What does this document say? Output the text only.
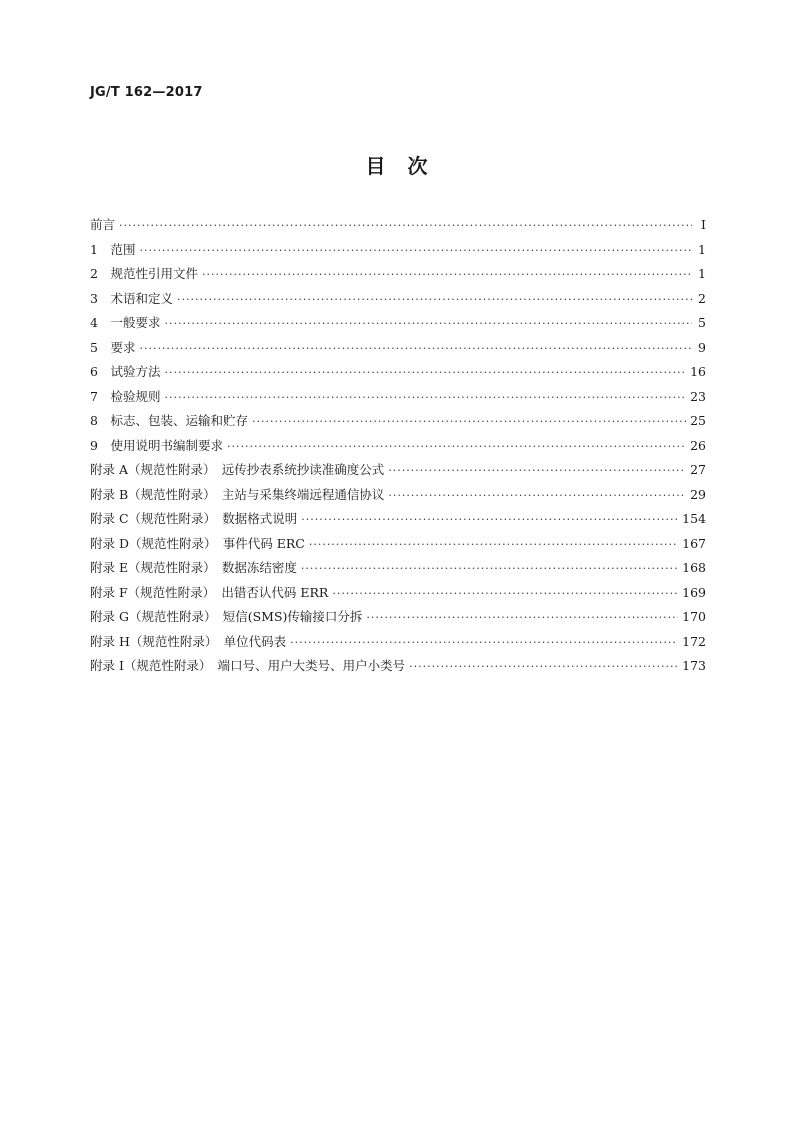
JG/T 162—2017
目　次
前言 ·····	Ⅰ
1　范围 ·····	1
2　规范性引用文件 ·····	1
3　术语和定义 ·····	2
4　一般要求 ·····	5
5　要求 ·····	9
6　试验方法 ·····	16
7　检验规则 ·····	23
8　标志、包装、运输和贮存 ·····	25
9　使用说明书编制要求 ·····	26
附录 A（规范性附录）　远传抄表系统抄读准确度公式 ·····	27
附录 B（规范性附录）　主站与采集终端远程通信协议 ·····	29
附录 C（规范性附录）　数据格式说明 ·····	154
附录 D（规范性附录）　事件代码 ERC ·····	167
附录 E（规范性附录）　数据冻结密度 ·····	168
附录 F（规范性附录）　出错否认代码 ERR ·····	169
附录 G（规范性附录）　短信(SMS)传输接口分拆 ·····	170
附录 H（规范性附录）　单位代码表 ·····	172
附录 I（规范性附录）　端口号、用户大类号、用户小类号 ·····	173
